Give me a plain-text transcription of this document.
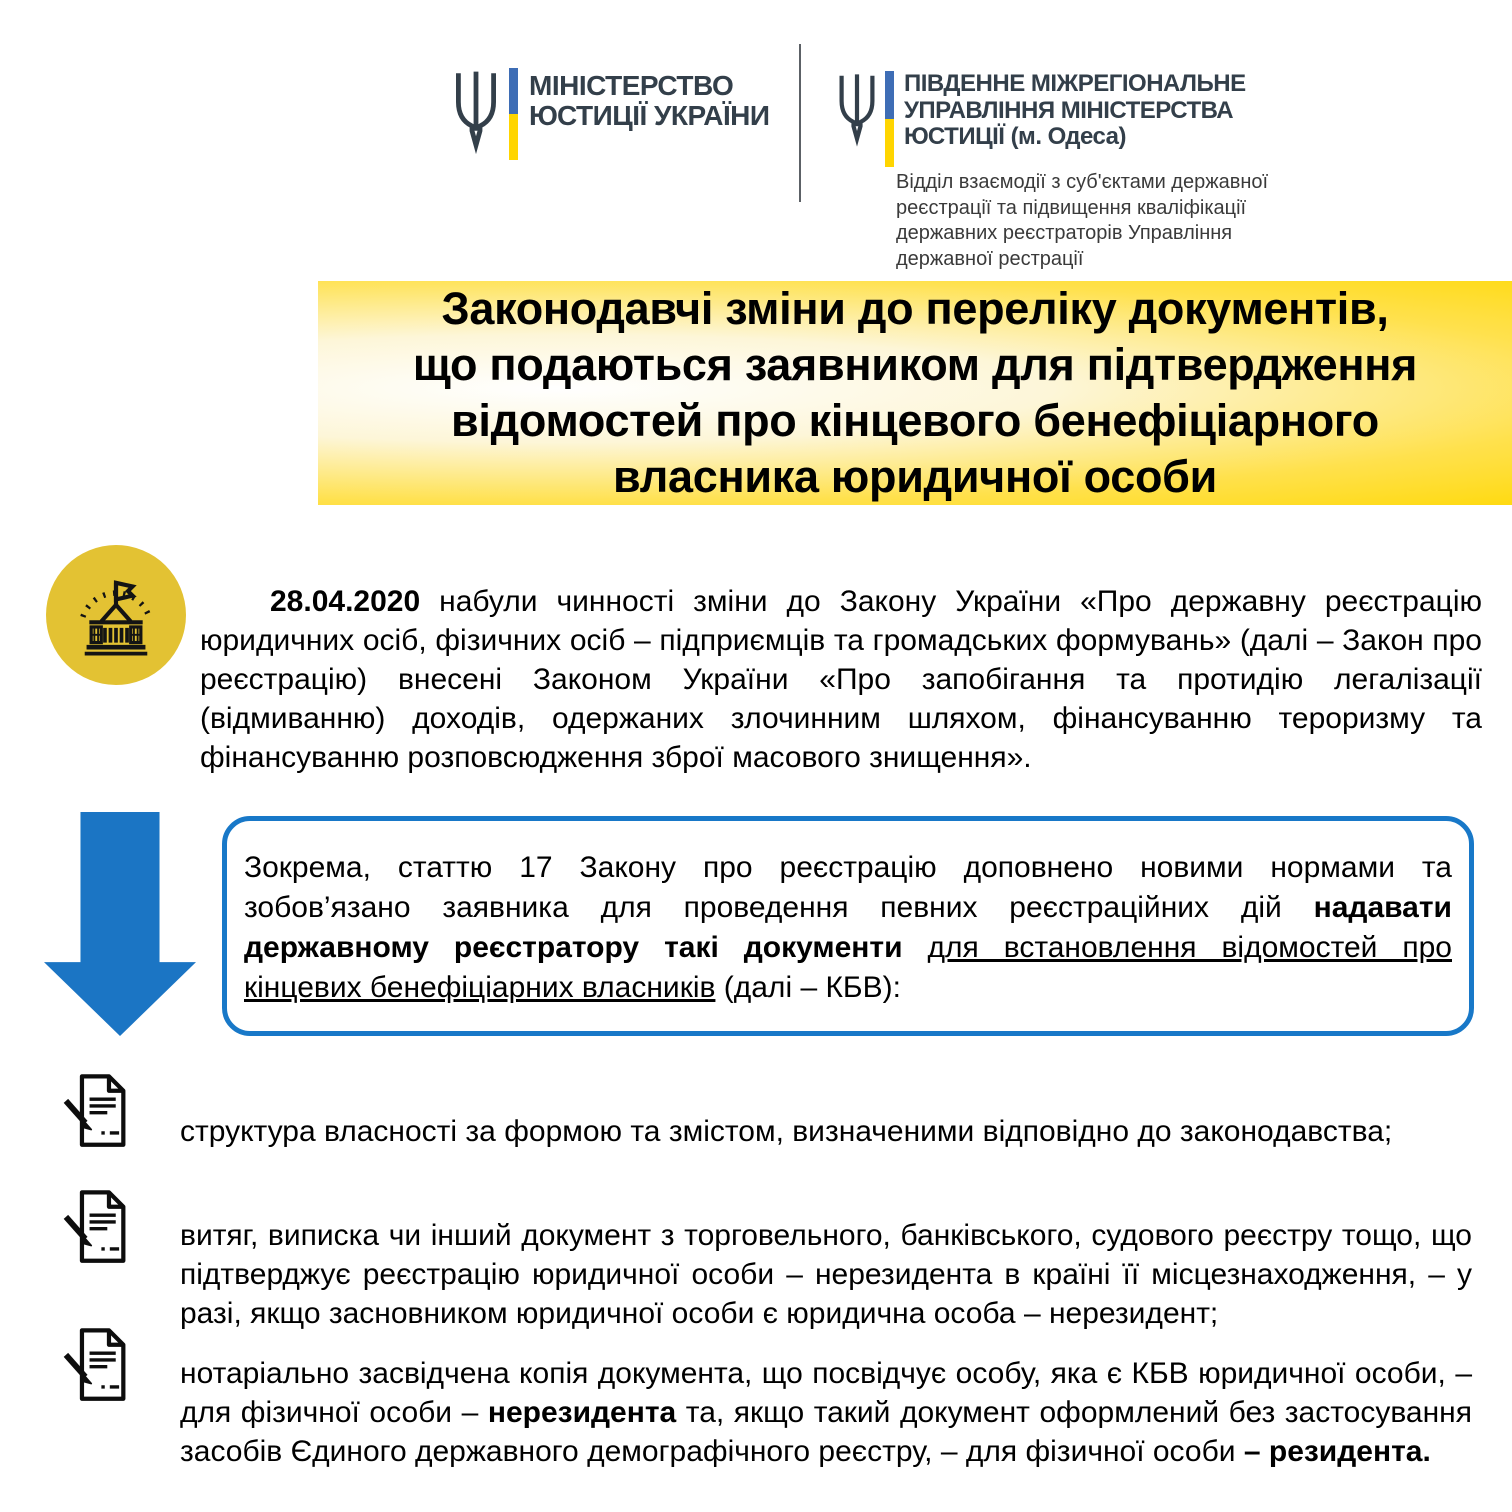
МІНІСТЕРСТВО
ЮСТИЦІЇ УКРАЇНИ
ПІВДЕННЕ МІЖРЕГІОНАЛЬНЕ
УПРАВЛІННЯ МІНІСТЕРСТВА
ЮСТИЦІЇ (м. Одеса)
Відділ взаємодії з суб'єктами державної
реєстрації та підвищення кваліфікації
державних реєстраторів Управління
державної рестрації
Законодавчі зміни до переліку документів,
що подаються заявником для підтвердження
відомостей про кінцевого бенефіціарного
власника юридичної особи

28.04.2020 набули чинності зміни до Закону України «Про державну реєстрацію юридичних осіб, фізичних осіб – підприємців та громадських формувань» (далі – Закон про реєстрацію) внесені Законом України «Про запобігання та протидію легалізації (відмиванню) доходів, одержаних злочинним шляхом, фінансуванню тероризму та фінансуванню розповсюдження зброї масового знищення».

Зокрема, статтю 17 Закону про реєстрацію доповнено новими нормами та зобов’язано заявника для проведення певних реєстраційних дій надавати державному реєстратору такі документи для встановлення відомостей про кінцевих бенефіціарних власників (далі – КБВ):

структура власності за формою та змістом, визначеними відповідно до законодавства;

витяг, виписка чи інший документ з торговельного, банківського, судового реєстру тощо, що підтверджує реєстрацію юридичної особи – нерезидента в країні її місцезнаходження, – у разі, якщо засновником юридичної особи є юридична особа – нерезидент;

нотаріально засвідчена копія документа, що посвідчує особу, яка є КБВ юридичної особи, – для фізичної особи – нерезидента та, якщо такий документ оформлений без застосування засобів Єдиного державного демографічного реєстру, – для фізичної особи – резидента.
